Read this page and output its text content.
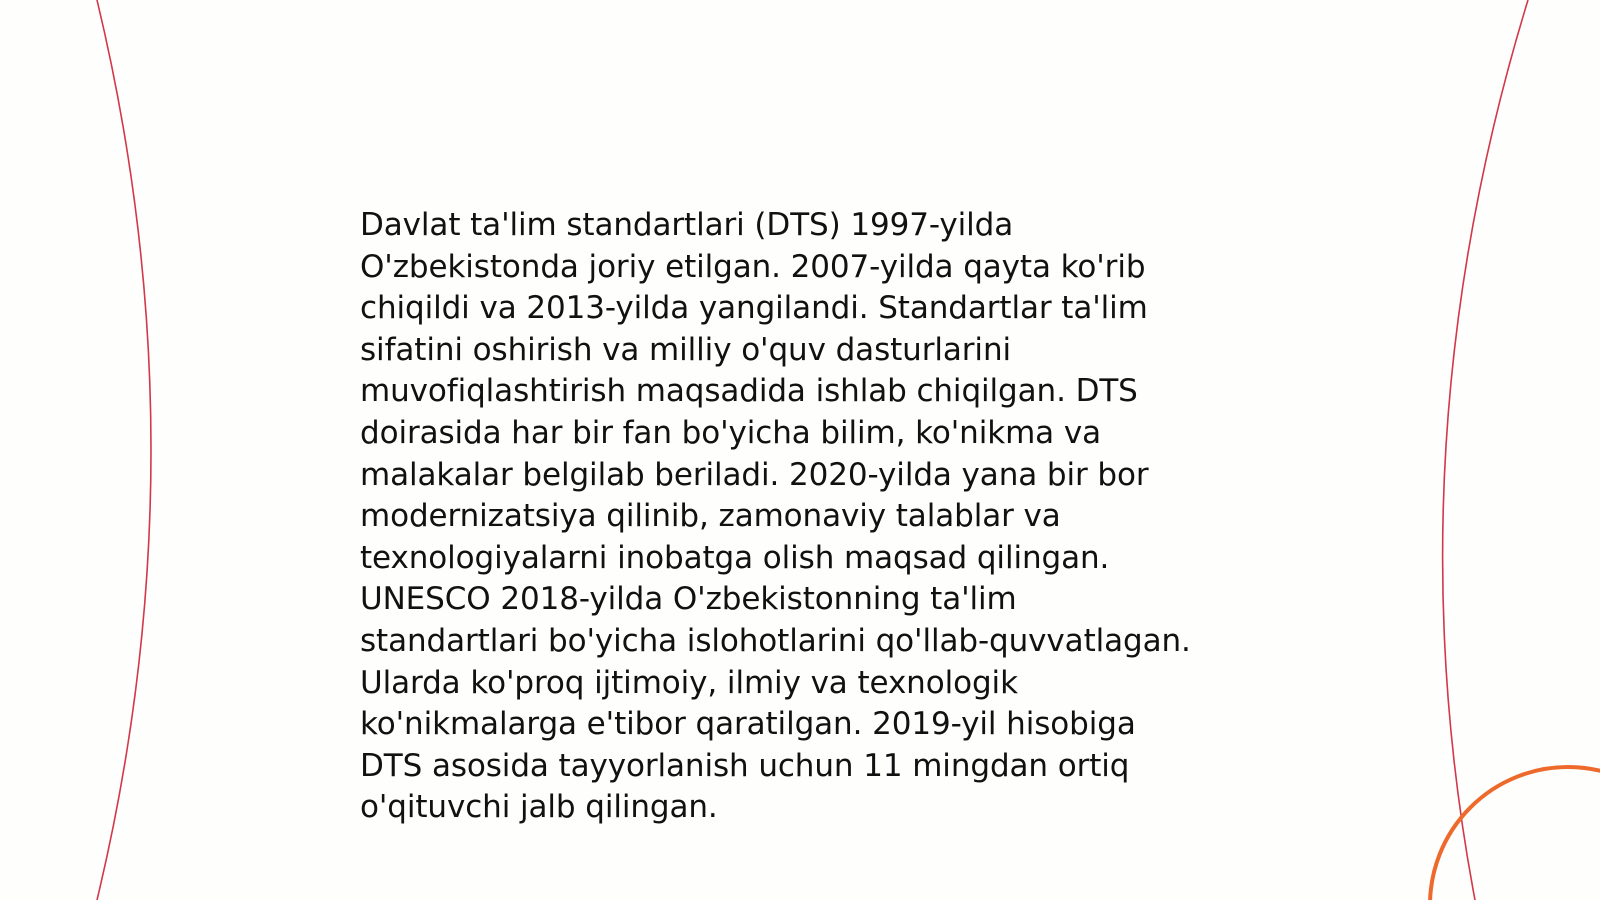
Davlat ta'lim standartlari (DTS) 1997-yilda
O'zbekistonda joriy etilgan. 2007-yilda qayta ko'rib
chiqildi va 2013-yilda yangilandi. Standartlar ta'lim
sifatini oshirish va milliy o'quv dasturlarini
muvofiqlashtirish maqsadida ishlab chiqilgan. DTS
doirasida har bir fan bo'yicha bilim, ko'nikma va
malakalar belgilab beriladi. 2020-yilda yana bir bor
modernizatsiya qilinib, zamonaviy talablar va
texnologiyalarni inobatga olish maqsad qilingan.
UNESCO 2018-yilda O'zbekistonning ta'lim
standartlari bo'yicha islohotlarini qo'llab-quvvatlagan.
Ularda ko'proq ijtimoiy, ilmiy va texnologik
ko'nikmalarga e'tibor qaratilgan. 2019-yil hisobiga
DTS asosida tayyorlanish uchun 11 mingdan ortiq
o'qituvchi jalb qilingan.
